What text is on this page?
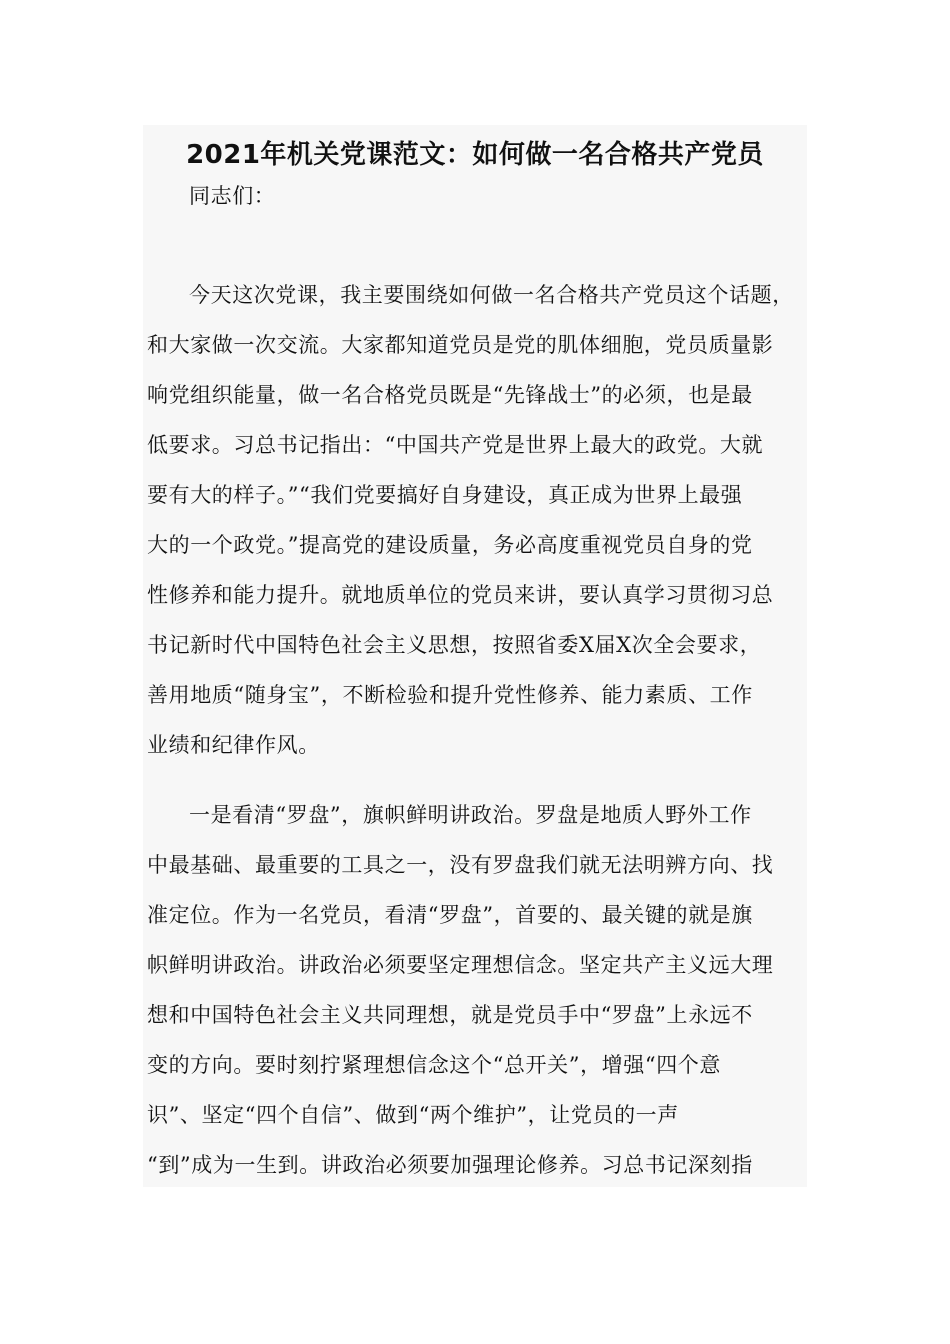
2021年机关党课范文：如何做一名合格共产党员
同志们：
今天这次党课，我主要围绕如何做一名合格共产党员这个话题，
和大家做一次交流。大家都知道党员是党的肌体细胞，党员质量影
响党组织能量，做一名合格党员既是“先锋战士”的必须，也是最
低要求。习总书记指出：“中国共产党是世界上最大的政党。大就
要有大的样子。”“我们党要搞好自身建设，真正成为世界上最强
大的一个政党。”提高党的建设质量，务必高度重视党员自身的党
性修养和能力提升。就地质单位的党员来讲，要认真学习贯彻习总
书记新时代中国特色社会主义思想，按照省委X届X次全会要求，
善用地质“随身宝”，不断检验和提升党性修养、能力素质、工作
业绩和纪律作风。
一是看清“罗盘”，旗帜鲜明讲政治。罗盘是地质人野外工作
中最基础、最重要的工具之一，没有罗盘我们就无法明辨方向、找
准定位。作为一名党员，看清“罗盘”，首要的、最关键的就是旗
帜鲜明讲政治。讲政治必须要坚定理想信念。坚定共产主义远大理
想和中国特色社会主义共同理想，就是党员手中“罗盘”上永远不
变的方向。要时刻拧紧理想信念这个“总开关”，增强“四个意
识”、坚定“四个自信”、做到“两个维护”，让党员的一声
“到”成为一生到。讲政治必须要加强理论修养。习总书记深刻指
